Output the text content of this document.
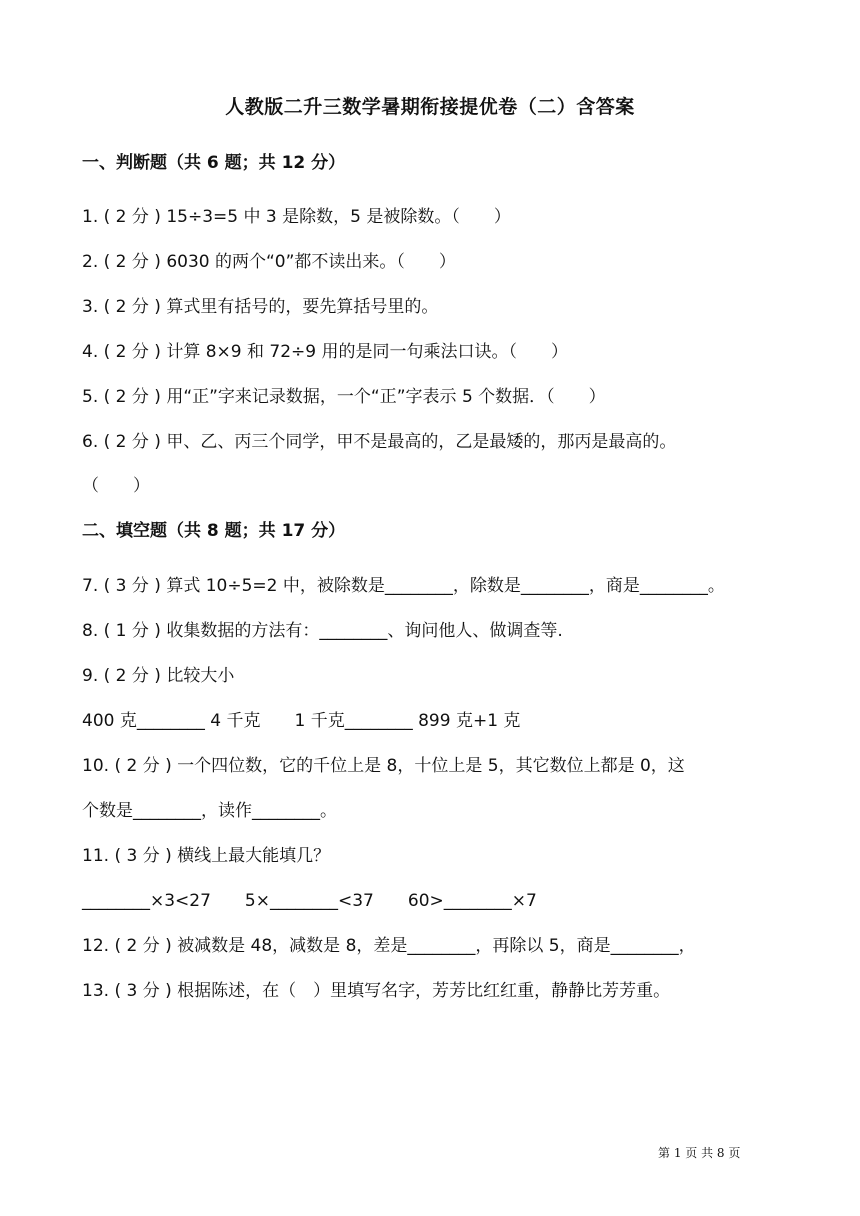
人教版二升三数学暑期衔接提优卷（二）含答案
一、判断题（共 6 题；共 12 分）
1. ( 2 分 ) 15÷3=5 中 3 是除数，5 是被除数。（　　）
2. ( 2 分 ) 6030 的两个“0”都不读出来。（　　）
3. ( 2 分 ) 算式里有括号的，要先算括号里的。
4. ( 2 分 ) 计算 8×9 和 72÷9 用的是同一句乘法口诀。（　　）
5. ( 2 分 ) 用“正”字来记录数据，一个“正”字表示 5 个数据．（　　）
6. ( 2 分 ) 甲、乙、丙三个同学，甲不是最高的，乙是最矮的，那丙是最高的。
（　　）
二、填空题（共 8 题；共 17 分）
7. ( 3 分 ) 算式 10÷5=2 中，被除数是________，除数是________，商是________。
8. ( 1 分 ) 收集数据的方法有：________、询问他人、做调查等.
9. ( 2 分 ) 比较大小
400 克________ 4 千克　　1 千克________ 899 克+1 克
10. ( 2 分 ) 一个四位数，它的千位上是 8，十位上是 5，其它数位上都是 0，这
个数是________，读作________。
11. ( 3 分 ) 横线上最大能填几？
________×3<27　　5×________<37　　60>________×7
12. ( 2 分 ) 被减数是 48，减数是 8，差是________，再除以 5，商是________，
13. ( 3 分 ) 根据陈述，在（　）里填写名字，芳芳比红红重，静静比芳芳重。
第 1 页 共 8 页
